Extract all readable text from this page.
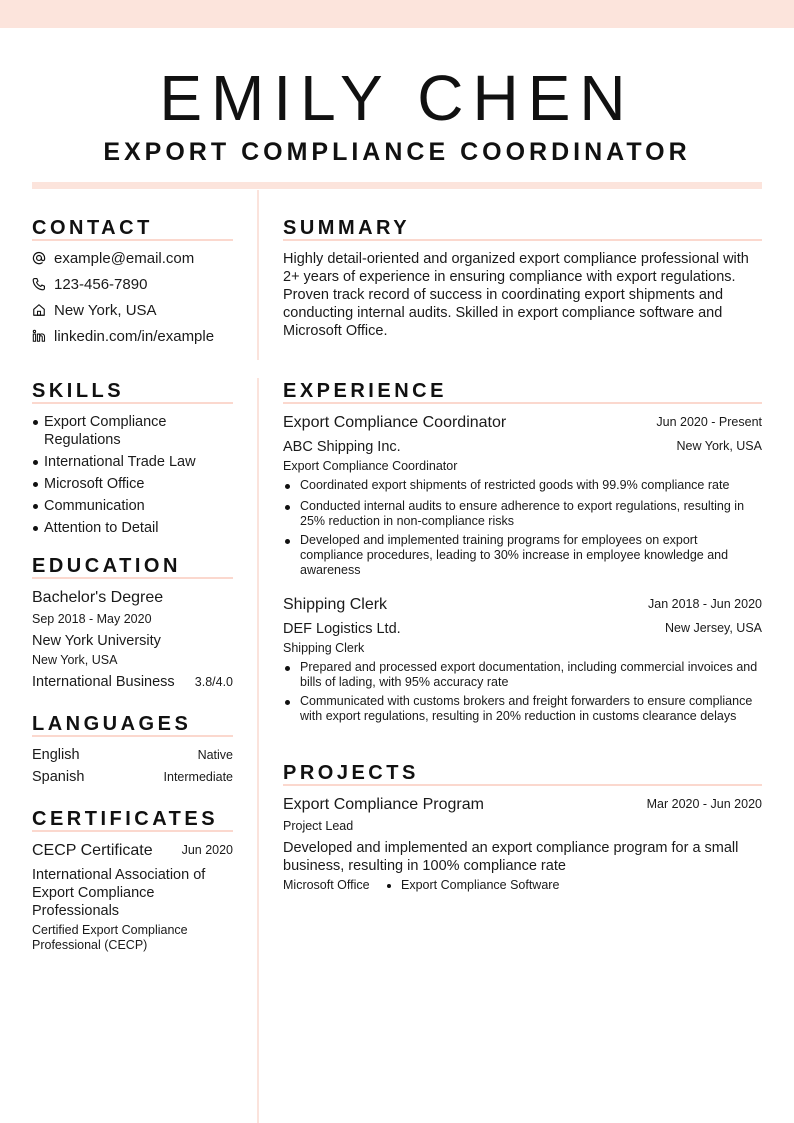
EMILY CHEN
EXPORT COMPLIANCE COORDINATOR
CONTACT
example@email.com
123-456-7890
New York, USA
linkedin.com/in/example
SUMMARY
Highly detail-oriented and organized export compliance professional with 2+ years of experience in ensuring compliance with export regulations. Proven track record of success in coordinating export shipments and conducting internal audits. Skilled in export compliance software and Microsoft Office.
SKILLS
Export Compliance Regulations
International Trade Law
Microsoft Office
Communication
Attention to Detail
EDUCATION
Bachelor's Degree
Sep 2018 - May 2020
New York University
New York, USA
International Business	3.8/4.0
LANGUAGES
English	Native
Spanish	Intermediate
CERTIFICATES
CECP Certificate	Jun 2020
International Association of Export Compliance Professionals
Certified Export Compliance Professional (CECP)
EXPERIENCE
Export Compliance Coordinator	Jun 2020 - Present
ABC Shipping Inc.	New York, USA
Export Compliance Coordinator
Coordinated export shipments of restricted goods with 99.9% compliance rate
Conducted internal audits to ensure adherence to export regulations, resulting in 25% reduction in non-compliance risks
Developed and implemented training programs for employees on export compliance procedures, leading to 30% increase in employee knowledge and awareness
Shipping Clerk	Jan 2018 - Jun 2020
DEF Logistics Ltd.	New Jersey, USA
Shipping Clerk
Prepared and processed export documentation, including commercial invoices and bills of lading, with 95% accuracy rate
Communicated with customs brokers and freight forwarders to ensure compliance with export regulations, resulting in 20% reduction in customs clearance delays
PROJECTS
Export Compliance Program	Mar 2020 - Jun 2020
Project Lead
Developed and implemented an export compliance program for a small business, resulting in 100% compliance rate
Microsoft Office	Export Compliance Software
